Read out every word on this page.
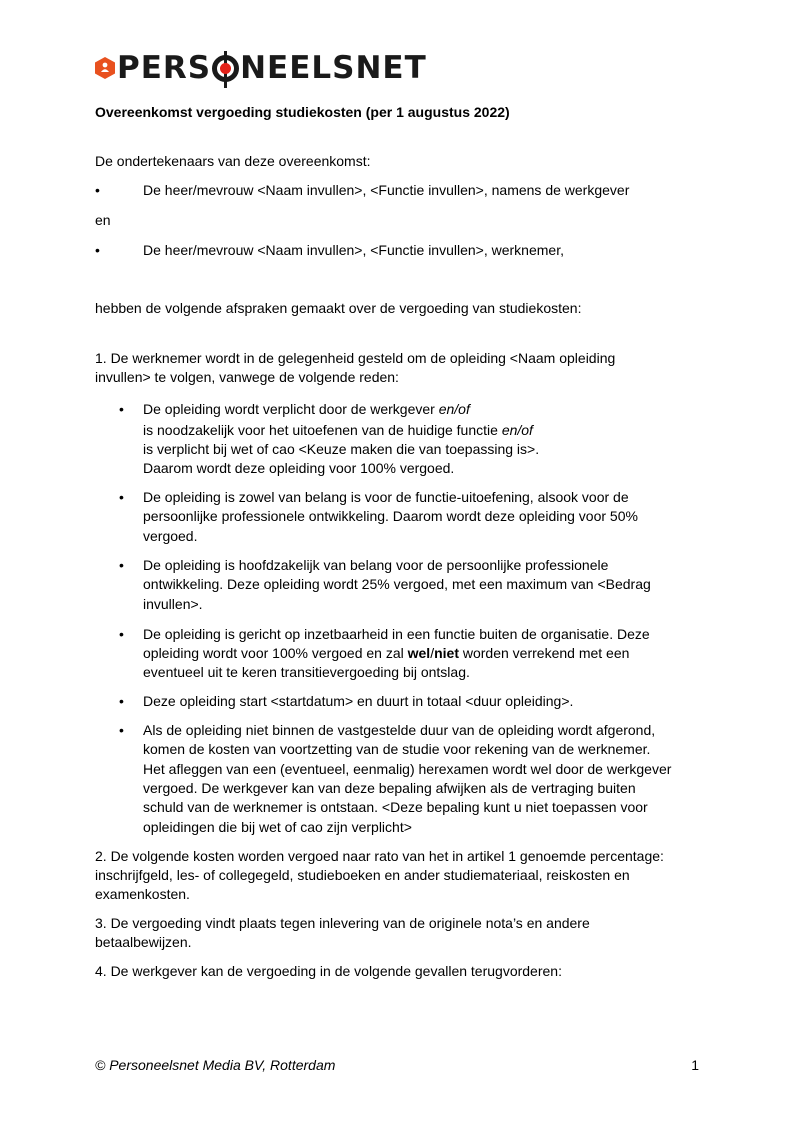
PERS NEELSNET
Overeenkomst vergoeding studiekosten (per 1 augustus 2022)
De ondertekenaars van deze overeenkomst:
•	De heer/mevrouw <Naam invullen>, <Functie invullen>, namens de werkgever
en
•	De heer/mevrouw <Naam invullen>, <Functie invullen>, werknemer,
hebben de volgende afspraken gemaakt over de vergoeding van studiekosten:
1. De werknemer wordt in de gelegenheid gesteld om de opleiding <Naam opleiding
invullen> te volgen, vanwege de volgende reden:
• De opleiding wordt verplicht door de werkgever en/of
is noodzakelijk voor het uitoefenen van de huidige functie en/of
is verplicht bij wet of cao <Keuze maken die van toepassing is>.
Daarom wordt deze opleiding voor 100% vergoed.
• De opleiding is zowel van belang is voor de functie-uitoefening, alsook voor de
persoonlijke professionele ontwikkeling. Daarom wordt deze opleiding voor 50%
vergoed.
• De opleiding is hoofdzakelijk van belang voor de persoonlijke professionele
ontwikkeling. Deze opleiding wordt 25% vergoed, met een maximum van <Bedrag
invullen>.
• De opleiding is gericht op inzetbaarheid in een functie buiten de organisatie. Deze
opleiding wordt voor 100% vergoed en zal wel/niet worden verrekend met een
eventueel uit te keren transitievergoeding bij ontslag.
• Deze opleiding start <startdatum> en duurt in totaal <duur opleiding>.
• Als de opleiding niet binnen de vastgestelde duur van de opleiding wordt afgerond,
komen de kosten van voortzetting van de studie voor rekening van de werknemer.
Het afleggen van een (eventueel, eenmalig) herexamen wordt wel door de werkgever
vergoed. De werkgever kan van deze bepaling afwijken als de vertraging buiten
schuld van de werknemer is ontstaan. <Deze bepaling kunt u niet toepassen voor
opleidingen die bij wet of cao zijn verplicht>
2. De volgende kosten worden vergoed naar rato van het in artikel 1 genoemde percentage:
inschrijfgeld, les- of collegegeld, studieboeken en ander studiemateriaal, reiskosten en
examenkosten.
3. De vergoeding vindt plaats tegen inlevering van de originele nota’s en andere
betaalbewijzen.
4. De werkgever kan de vergoeding in de volgende gevallen terugvorderen:
© Personeelsnet Media BV, Rotterdam	1
